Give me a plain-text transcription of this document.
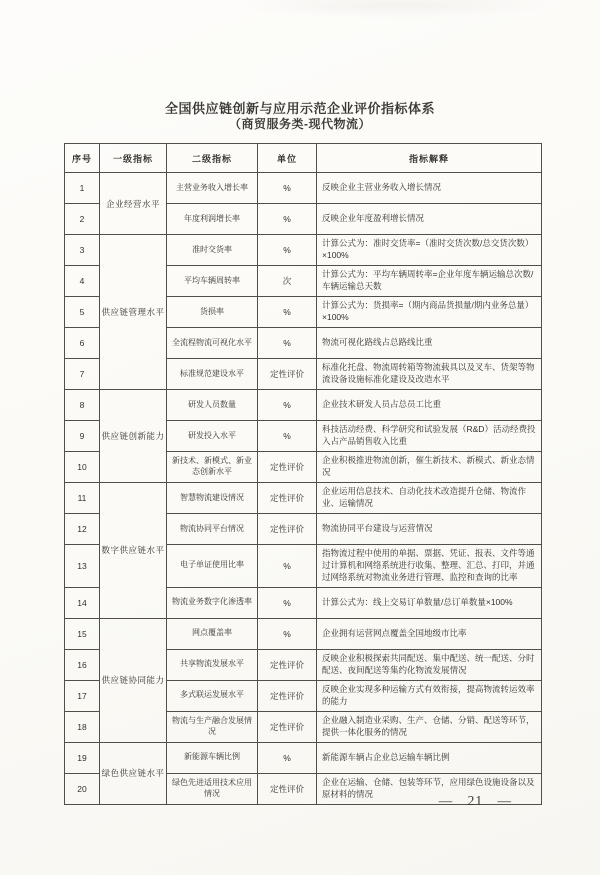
全国供应链创新与应用示范企业评价指标体系
（商贸服务类-现代物流）
序号	一级指标	二级指标	单位	指标解释
1	企业经营水平	主营业务收入增长率	%	反映企业主营业务收入增长情况
2		年度利润增长率	%	反映企业年度盈利增长情况
3	供应链管理水平	准时交货率	%	计算公式为：准时交货率=（准时交货次数/总交货次数）×100%
4		平均车辆周转率	次	计算公式为：平均车辆周转率=企业年度车辆运输总次数/车辆运输总天数
5		货损率	%	计算公式为：货损率=（期内商品货损量/期内业务总量）×100%
6		全流程物流可视化水平	%	物流可视化路线占总路线比重
7		标准规范建设水平	定性评价	标准化托盘、物流周转箱等物流载具以及叉车、货架等物流设备设施标准化建设及改造水平
8	供应链创新能力	研发人员数量	%	企业技术研发人员占总员工比重
9		研发投入水平	%	科技活动经费、科学研究和试验发展（R&D）活动经费投入占产品销售收入比重
10		新技术、新模式、新业态创新水平	定性评价	企业积极推进物流创新，催生新技术、新模式、新业态情况
11	数字供应链水平	智慧物流建设情况	定性评价	企业运用信息技术、自动化技术改造提升仓储、物流作业、运输情况
12		物流协同平台情况	定性评价	物流协同平台建设与运营情况
13		电子单证使用比率	%	指物流过程中使用的单据、票据、凭证、报表、文件等通过计算机和网络系统进行收集、整理、汇总、打印，并通过网络系统对物流业务进行管理、监控和查询的比率
14		物流业务数字化渗透率	%	计算公式为：线上交易订单数量/总订单数量×100%
15	供应链协同能力	网点覆盖率	%	企业拥有运营网点覆盖全国地级市比率
16		共享物流发展水平	定性评价	反映企业积极探索共同配送、集中配送、统一配送、分时配送、夜间配送等集约化物流发展情况
17		多式联运发展水平	定性评价	反映企业实现多种运输方式有效衔接，提高物流转运效率的能力
18		物流与生产融合发展情况	定性评价	企业融入制造业采购、生产、仓储、分销、配送等环节，提供一体化服务的情况
19	绿色供应链水平	新能源车辆比例	%	新能源车辆占企业总运输车辆比例
20		绿色先进适用技术应用情况	定性评价	企业在运输、仓储、包装等环节，应用绿色设施设备以及原材料的情况	— 21 —
